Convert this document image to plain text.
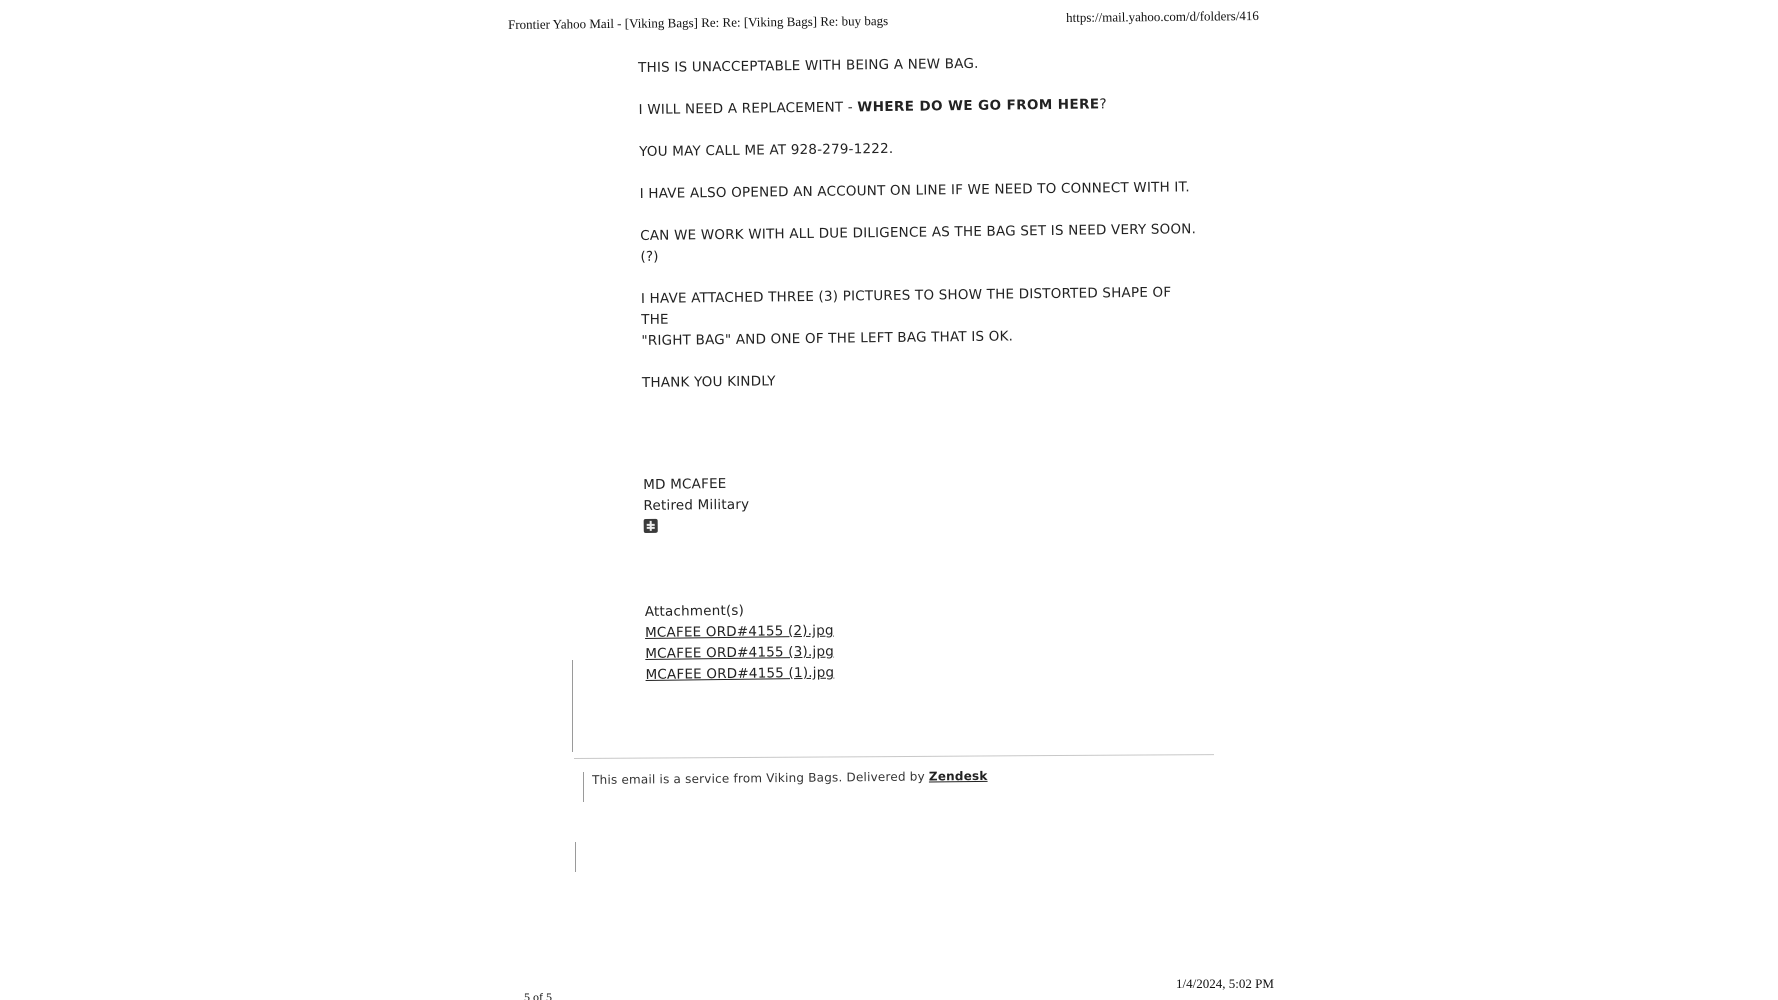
Frontier Yahoo Mail - [Viking Bags] Re: Re: [Viking Bags] Re: buy bags	https://mail.yahoo.com/d/folders/416

THIS IS UNACCEPTABLE WITH BEING A NEW BAG.

I WILL NEED A REPLACEMENT - WHERE DO WE GO FROM HERE?

YOU MAY CALL ME AT 928-279-1222.

I HAVE ALSO OPENED AN ACCOUNT ON LINE IF WE NEED TO CONNECT WITH IT.

CAN WE WORK WITH ALL DUE DILIGENCE AS THE BAG SET IS NEED VERY SOON. (?)

I HAVE ATTACHED THREE (3) PICTURES TO SHOW THE DISTORTED SHAPE OF THE

"RIGHT BAG" AND ONE OF THE LEFT BAG THAT IS OK.

THANK YOU KINDLY

MD MCAFEE

Retired Military

Attachment(s)

MCAFEE ORD#4155 (2).jpg
MCAFEE ORD#4155 (3).jpg
MCAFEE ORD#4155 (1).jpg
This email is a service from Viking Bags. Delivered by Zendesk
5 of 5
1/4/2024, 5:02 PM
